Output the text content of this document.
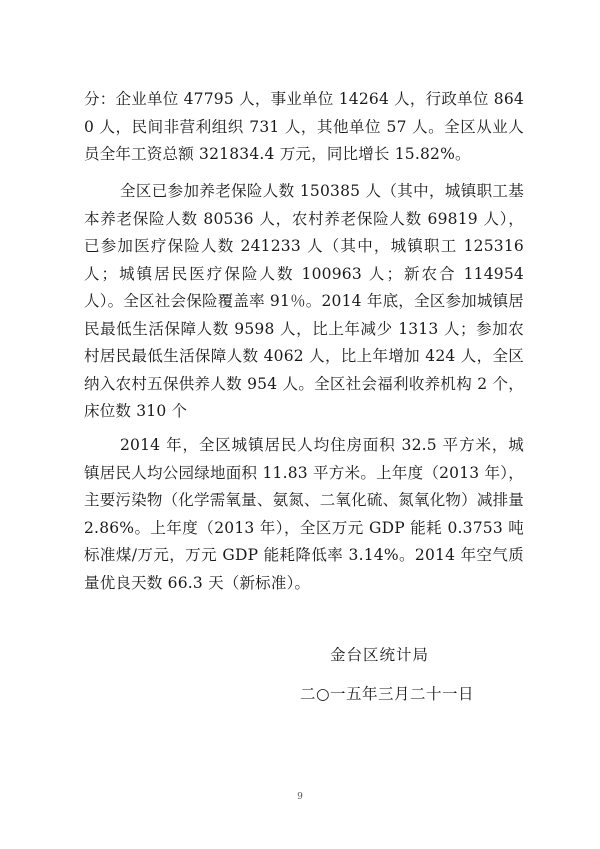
分：企业单位 47795 人，事业单位 14264 人，行政单位 8640 人，民间非营利组织 731 人，其他单位 57 人。全区从业人员全年工资总额 321834.4 万元，同比增长 15.82%。

全区已参加养老保险人数 150385 人（其中，城镇职工基本养老保险人数 80536 人，农村养老保险人数 69819 人），已参加医疗保险人数 241233 人（其中，城镇职工 125316 人；城镇居民医疗保险人数 100963 人；新农合 114954 人）。全区社会保险覆盖率 91％。2014 年底，全区参加城镇居民最低生活保障人数 9598 人，比上年减少 1313 人；参加农村居民最低生活保障人数 4062 人，比上年增加 424 人，全区纳入农村五保供养人数 954 人。全区社会福利收养机构 2 个，床位数 310 个

2014 年，全区城镇居民人均住房面积 32.5 平方米，城镇居民人均公园绿地面积 11.83 平方米。上年度（2013 年），主要污染物（化学需氧量、氨氮、二氧化硫、氮氧化物）减排量 2.86%。上年度（2013 年），全区万元 GDP 能耗 0.3753 吨标准煤/万元，万元 GDP 能耗降低率 3.14%。2014 年空气质量优良天数 66.3 天（新标准）。

金台区统计局

二○一五年三月二十一日

9
